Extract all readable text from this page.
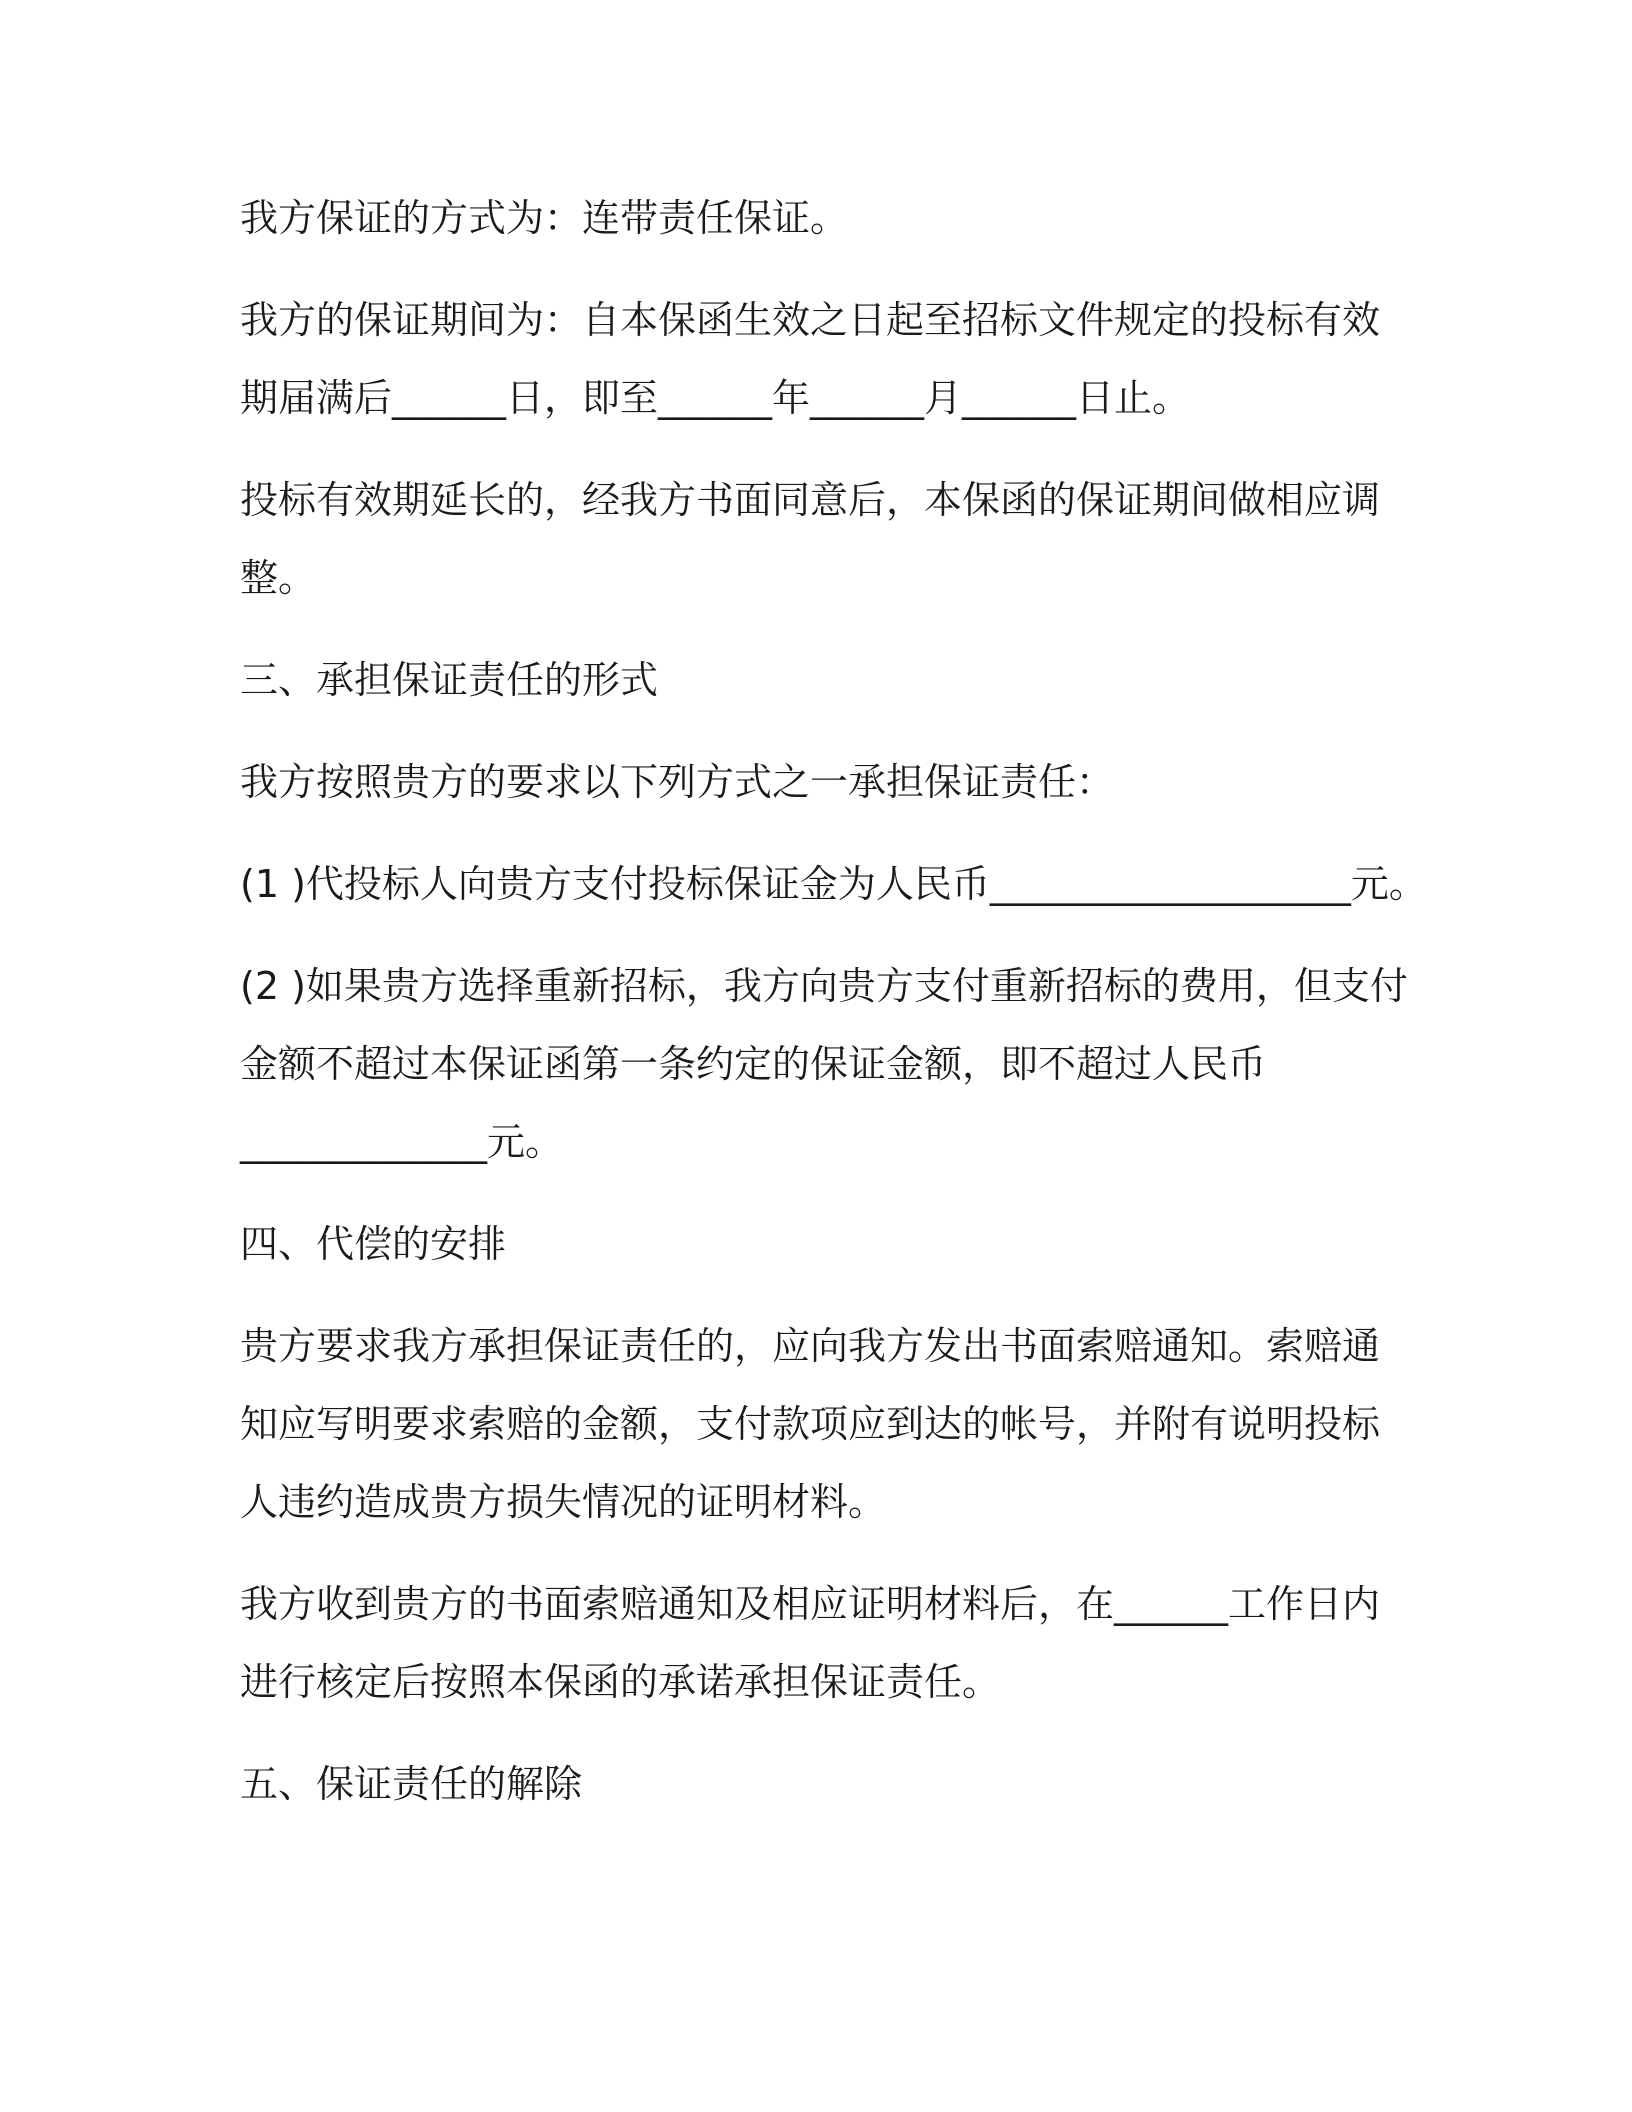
我方保证的方式为：连带责任保证。
我方的保证期间为：自本保函生效之日起至招标文件规定的投标有效
期届满后______日，即至______年______月______日止。
投标有效期延长的，经我方书面同意后，本保函的保证期间做相应调
整。
三、承担保证责任的形式
我方按照贵方的要求以下列方式之一承担保证责任：
(1 )代投标人向贵方支付投标保证金为人民币___________________元。
(2 )如果贵方选择重新招标，我方向贵方支付重新招标的费用，但支付
金额不超过本保证函第一条约定的保证金额，即不超过人民币
_____________元。
四、代偿的安排
贵方要求我方承担保证责任的，应向我方发出书面索赔通知。索赔通
知应写明要求索赔的金额，支付款项应到达的帐号，并附有说明投标
人违约造成贵方损失情况的证明材料。
我方收到贵方的书面索赔通知及相应证明材料后，在______工作日内
进行核定后按照本保函的承诺承担保证责任。
五、保证责任的解除
